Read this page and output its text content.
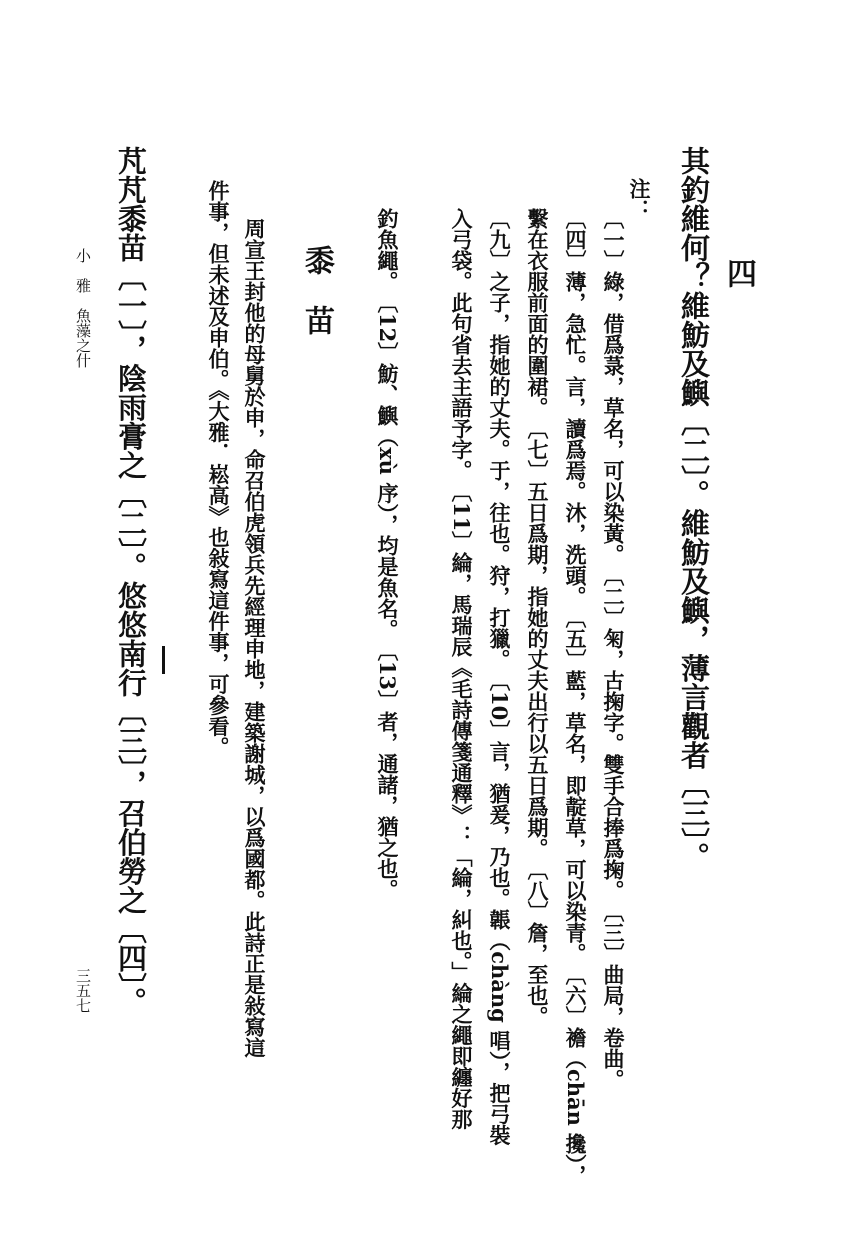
四
其釣維何？維魴及鱮〔二〕。維魴及鱮，薄言觀者〔三〕。
注：
〔一〕綠，借爲菉，草名，可以染黃。　〔二〕匊，古掬字。雙手合捧爲掬。　〔三〕曲局，卷曲。
〔四〕薄，急忙。言，讀爲焉。沐，洗頭。　〔五〕藍，草名，即靛草，可以染青。　〔六〕襜（chān 攙），
繫在衣服前面的圍裙。　〔七〕五日爲期，指她的丈夫出行以五日爲期。　〔八〕詹，至也。
〔九〕之子，指她的丈夫。于，往也。狩，打獵。　〔10〕言，猶爰，乃也。韔（chàng 唱），把弓裝
入弓袋。此句省去主語予字。　〔11〕綸，馬瑞辰《毛詩傳箋通釋》：「綸，糾也。」綸之繩即纏好那
釣魚繩。　〔12〕魴、鱮（xù 序），均是魚名。　〔13〕者，通諸，猶之也。
黍　苗
周宣王封他的母舅於申，命召伯虎領兵先經理申地，建築謝城，以爲國都。此詩正是敍寫這
件事，但未述及申伯。《大雅．崧高》也敍寫這件事，可參看。
芃芃黍苗〔一〕，陰雨膏之〔二〕。悠悠南行〔三〕，召伯勞之〔四〕。
小　雅　魚藻之什
三五七
